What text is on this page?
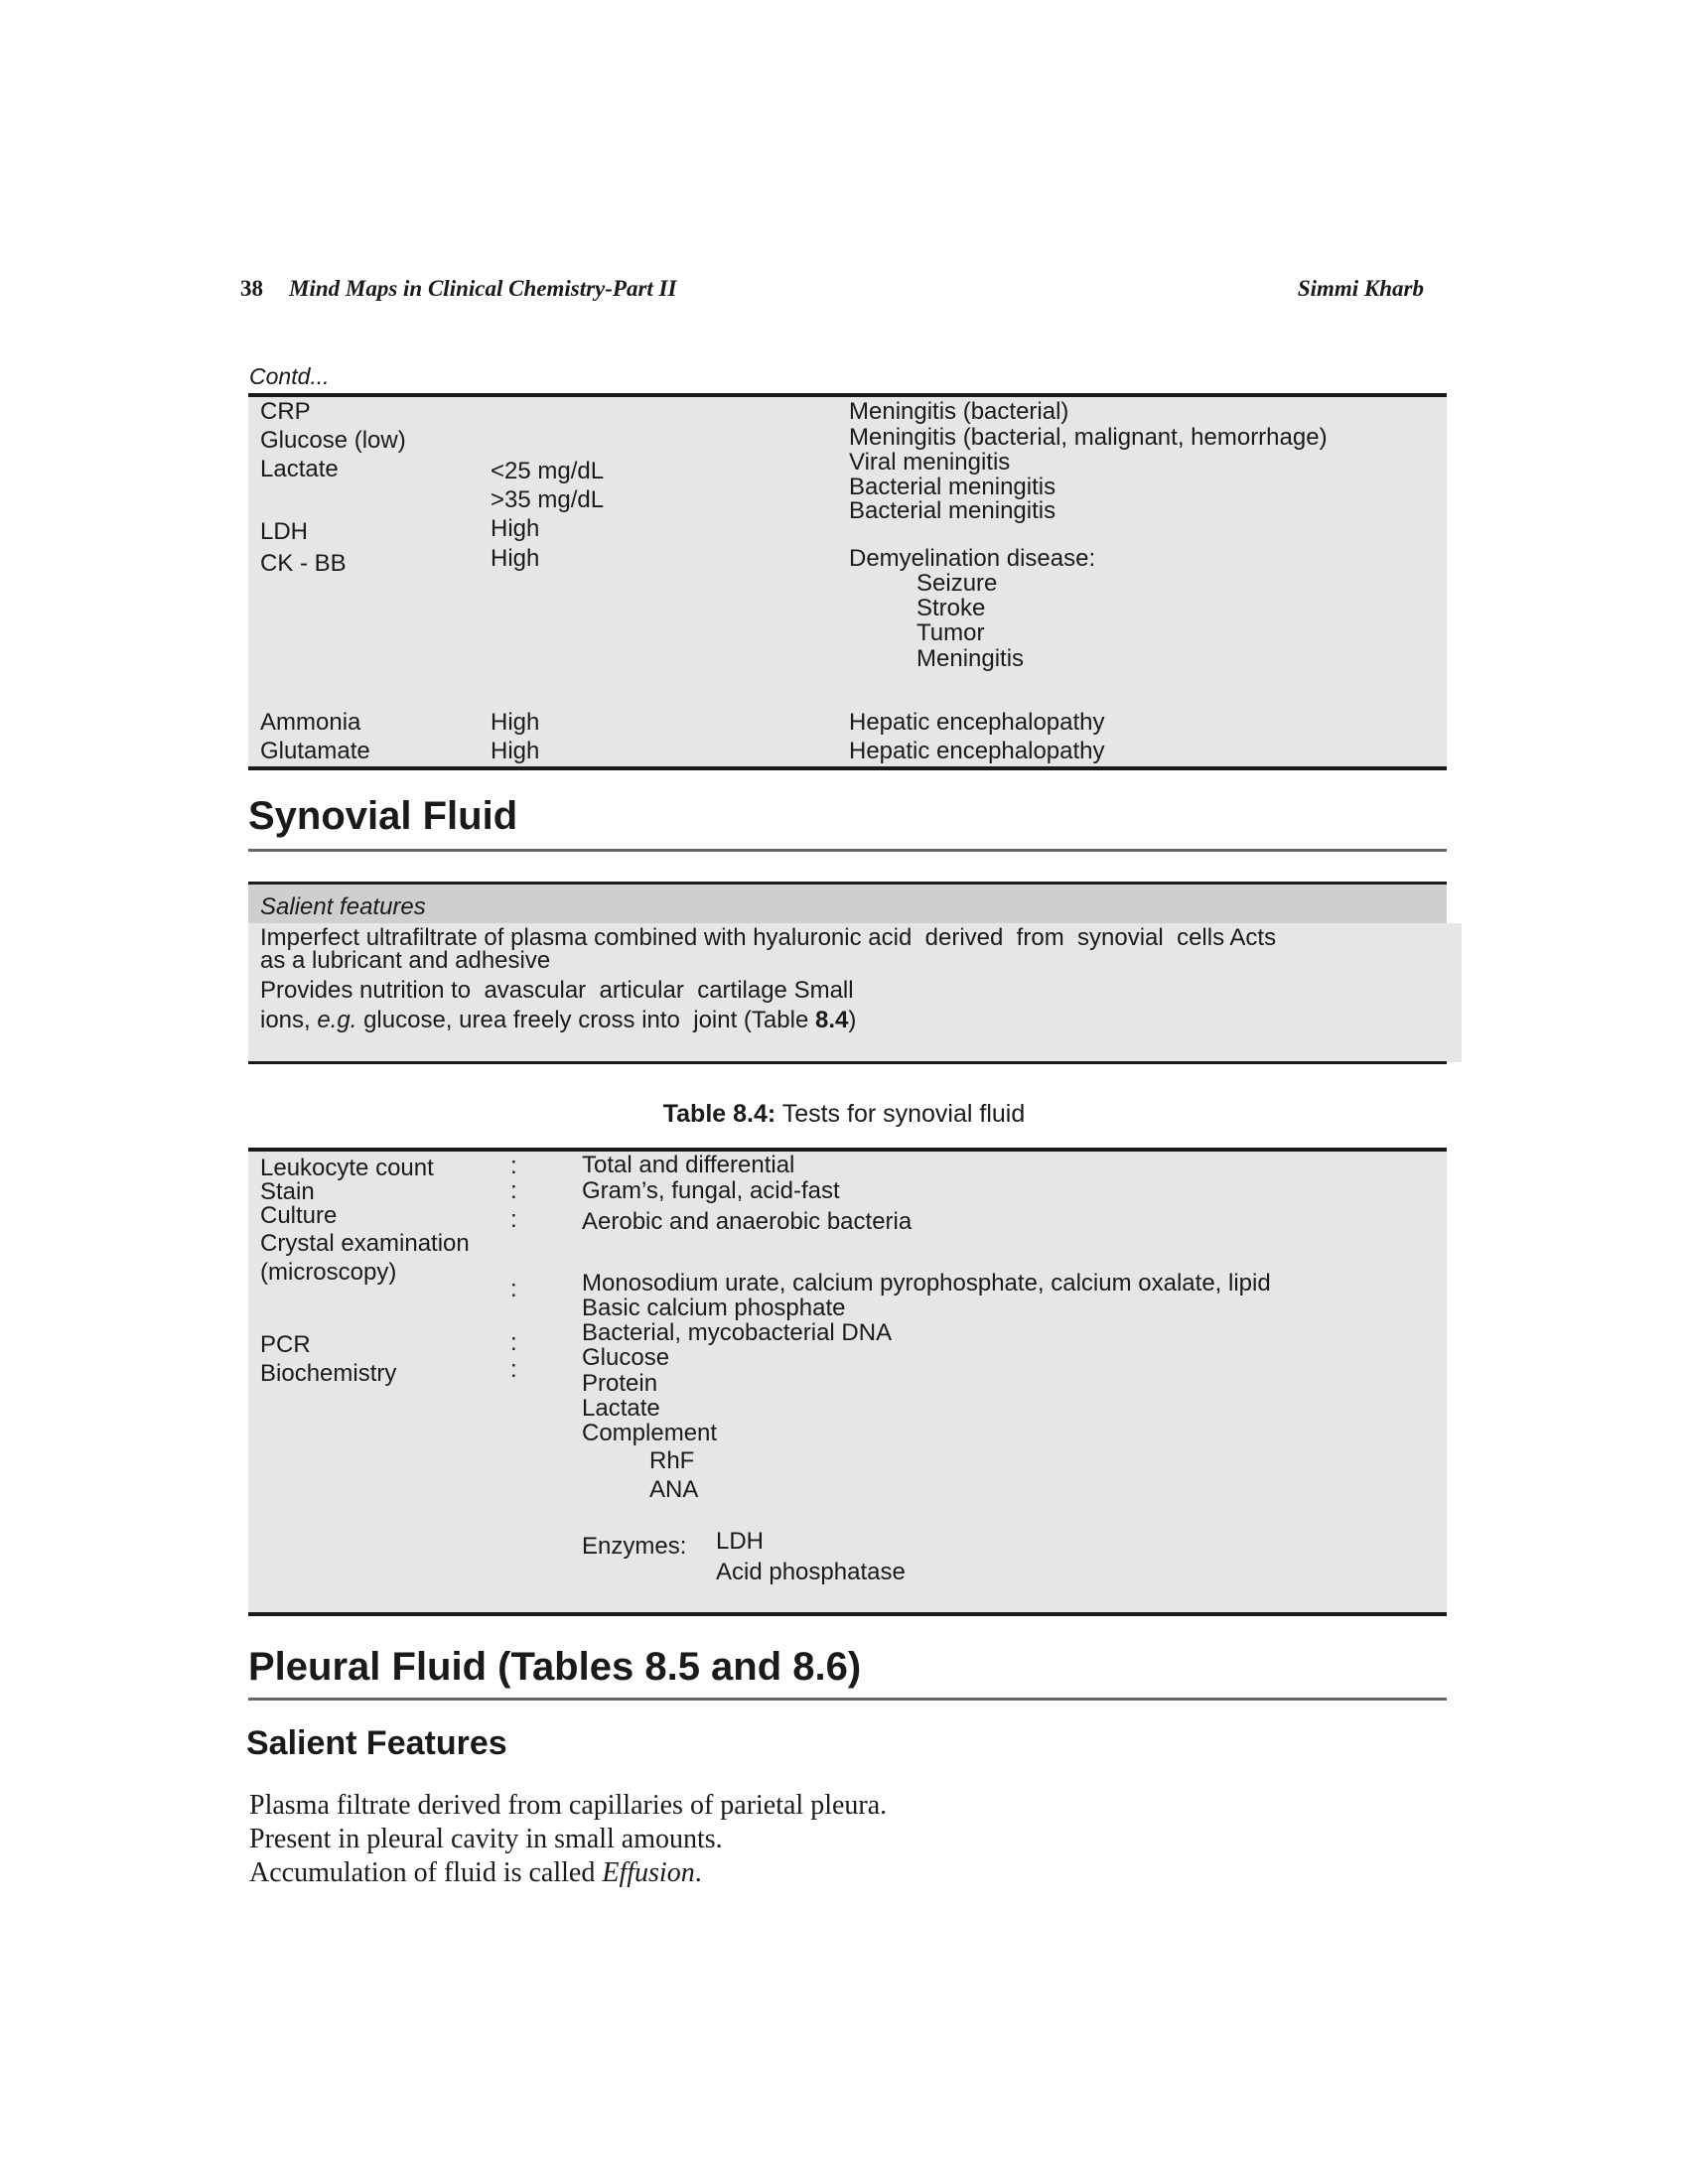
38 Mind Maps in Clinical Chemistry-Part II	Simmi Kharb
Contd...
CRP
Glucose (low)
Lactate
LDH
CK - BB
Ammonia
Glutamate
<25 mg/dL
>35 mg/dL
High
High
High
High
Meningitis (bacterial)
Meningitis (bacterial, malignant, hemorrhage)
Viral meningitis
Bacterial meningitis
Bacterial meningitis
Demyelination disease:
Seizure
Stroke
Tumor
Meningitis
Hepatic encephalopathy
Hepatic encephalopathy
Synovial Fluid
Salient features
Imperfect ultrafiltrate of plasma combined with hyaluronic acid  derived  from  synovial  cells Acts
as a lubricant and adhesive
Provides nutrition to  avascular  articular  cartilage Small
ions, e.g. glucose, urea freely cross into  joint (Table 8.4)
Table 8.4: Tests for synovial fluid
Leukocyte count
Stain
Culture
Crystal examination
(microscopy)
PCR
Biochemistry
:
:
:
:
:
:
Total and differential
Gram’s, fungal, acid-fast
Aerobic and anaerobic bacteria
Monosodium urate, calcium pyrophosphate, calcium oxalate, lipid
Basic calcium phosphate
Bacterial, mycobacterial DNA
Glucose
Protein
Lactate
Complement
RhF
ANA
Enzymes: LDH
Acid phosphatase
Pleural Fluid (Tables 8.5 and 8.6)
Salient Features
Plasma filtrate derived from capillaries of parietal pleura.
Present in pleural cavity in small amounts.
Accumulation of fluid is called Effusion.
